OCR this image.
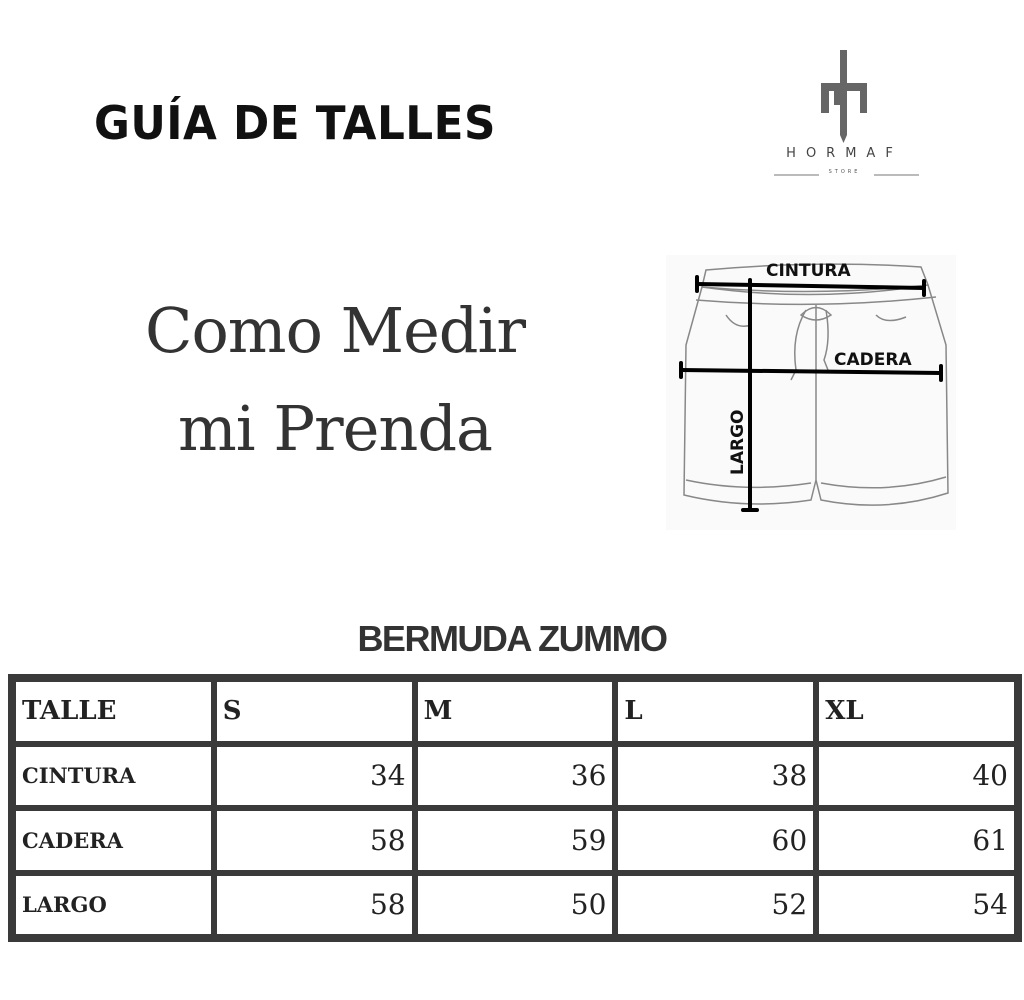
GUÍA DE TALLES
HORMAF
STORE
Como Medir
mi Prenda
CINTURA
CADERA
LARGO
BERMUDA ZUMMO
TALLE	S	M	L	XL
CINTURA	34	36	38	40
CADERA	58	59	60	61
LARGO	58	50	52	54
